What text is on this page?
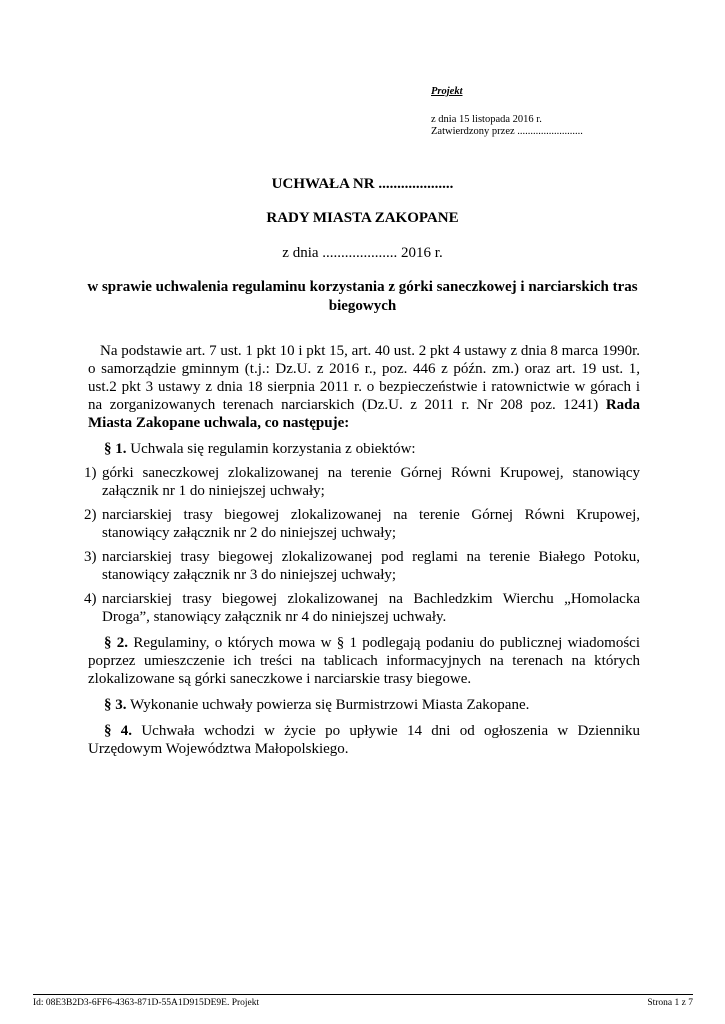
Projekt
z dnia 15 listopada 2016 r.
Zatwierdzony przez .........................
UCHWAŁA NR ....................
RADY MIASTA ZAKOPANE
z dnia .................... 2016 r.
w sprawie uchwalenia regulaminu korzystania z górki saneczkowej i narciarskich tras biegowych

Na podstawie art. 7 ust. 1 pkt 10 i pkt 15, art. 40 ust. 2 pkt 4 ustawy z dnia 8 marca 1990r. o samorządzie gminnym (t.j.: Dz.U. z 2016 r., poz. 446 z późn. zm.) oraz art. 19 ust. 1, ust.2 pkt 3 ustawy z dnia 18 sierpnia 2011 r. o bezpieczeństwie i ratownictwie w górach i na zorganizowanych terenach narciarskich (Dz.U. z 2011 r. Nr 208 poz. 1241) Rada Miasta Zakopane uchwala, co następuje:

§ 1. Uchwala się regulamin korzystania z obiektów:

1) górki saneczkowej zlokalizowanej na terenie Górnej Równi Krupowej, stanowiący załącznik nr 1 do niniejszej uchwały;
2) narciarskiej trasy biegowej zlokalizowanej na terenie Górnej Równi Krupowej, stanowiący załącznik nr 2 do niniejszej uchwały;
3) narciarskiej trasy biegowej zlokalizowanej pod reglami na terenie Białego Potoku, stanowiący załącznik nr 3 do niniejszej uchwały;
4) narciarskiej trasy biegowej zlokalizowanej na Bachledzkim Wierchu „Homolacka Droga”, stanowiący załącznik nr 4 do niniejszej uchwały.

§ 2. Regulaminy, o których mowa w § 1 podlegają podaniu do publicznej wiadomości poprzez umieszczenie ich treści na tablicach informacyjnych na terenach na których zlokalizowane są górki saneczkowe i narciarskie trasy biegowe.

§ 3. Wykonanie uchwały powierza się Burmistrzowi Miasta Zakopane.

§ 4. Uchwała wchodzi w życie po upływie 14 dni od ogłoszenia w Dzienniku Urzędowym Województwa Małopolskiego.

Id: 08E3B2D3-6FF6-4363-871D-55A1D915DE9E. Projekt	Strona 1 z 7
